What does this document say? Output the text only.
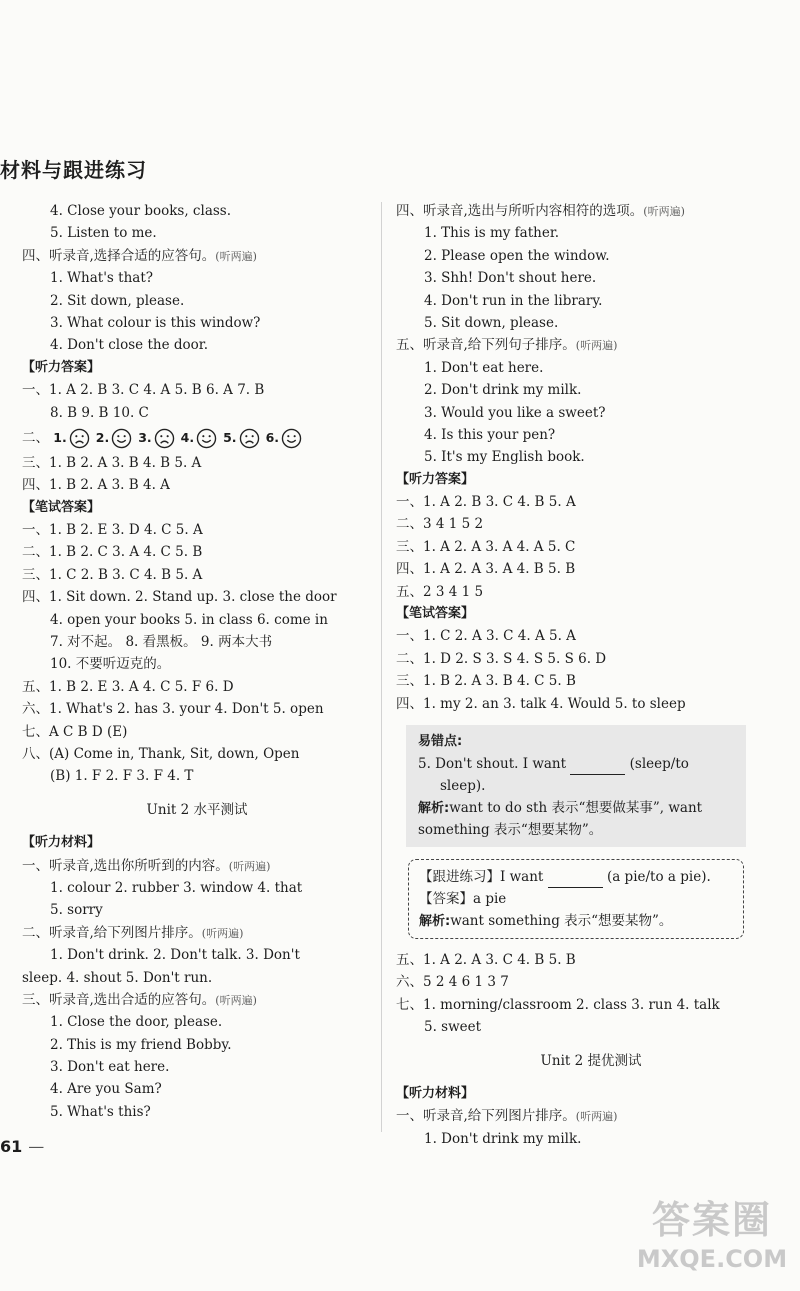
材料与跟进练习
4. Close your books, class.
5. Listen to me.
四、听录音,选择合适的应答句。(听两遍)
1. What's that?
2. Sit down, please.
3. What colour is this window?
4. Don't close the door.
【听力答案】
一、1. A 2. B 3. C 4. A 5. B 6. A 7. B
8. B 9. B 10. C
二、 1. 2. 3. 4. 5. 6.
三、1. B 2. A 3. B 4. B 5. A
四、1. B 2. A 3. B 4. A
【笔试答案】
一、1. B 2. E 3. D 4. C 5. A
二、1. B 2. C 3. A 4. C 5. B
三、1. C 2. B 3. C 4. B 5. A
四、1. Sit down. 2. Stand up. 3. close the door
4. open your books 5. in class 6. come in
7. 对不起。 8. 看黑板。 9. 两本大书
10. 不要听迈克的。
五、1. B 2. E 3. A 4. C 5. F 6. D
六、1. What's 2. has 3. your 4. Don't 5. open
七、A C B D (E)
八、(A) Come in, Thank, Sit, down, Open
(B) 1. F 2. F 3. F 4. T
Unit 2 水平测试
【听力材料】
一、听录音,选出你所听到的内容。(听两遍)
1. colour 2. rubber 3. window 4. that
5. sorry
二、听录音,给下列图片排序。(听两遍)
1. Don't drink. 2. Don't talk. 3. Don't
sleep. 4. shout 5. Don't run.
三、听录音,选出合适的应答句。(听两遍)
1. Close the door, please.
2. This is my friend Bobby.
3. Don't eat here.
4. Are you Sam?
5. What's this?
四、听录音,选出与所听内容相符的选项。(听两遍)
1. This is my father.
2. Please open the window.
3. Shh! Don't shout here.
4. Don't run in the library.
5. Sit down, please.
五、听录音,给下列句子排序。(听两遍)
1. Don't eat here.
2. Don't drink my milk.
3. Would you like a sweet?
4. Is this your pen?
5. It's my English book.
【听力答案】
一、1. A 2. B 3. C 4. B 5. A
二、3 4 1 5 2
三、1. A 2. A 3. A 4. A 5. C
四、1. A 2. A 3. A 4. B 5. B
五、2 3 4 1 5
【笔试答案】
一、1. C 2. A 3. C 4. A 5. A
二、1. D 2. S 3. S 4. S 5. S 6. D
三、1. B 2. A 3. B 4. C 5. B
四、1. my 2. an 3. talk 4. Would 5. to sleep
易错点:
5. Don't shout. I want	(sleep/to
sleep).
解析:want to do sth 表示“想要做某事”, want
something 表示“想要某物”。
【跟进练习】I want	(a pie/to a pie).
【答案】a pie
解析:want something 表示“想要某物”。
五、1. A 2. A 3. C 4. B 5. B
六、5 2 4 6 1 3 7
七、1. morning/classroom 2. class 3. run 4. talk
5. sweet
Unit 2 提优测试
【听力材料】
一、听录音,给下列图片排序。(听两遍)
1. Don't drink my milk.
61 —
答案圈
MXQE.COM
